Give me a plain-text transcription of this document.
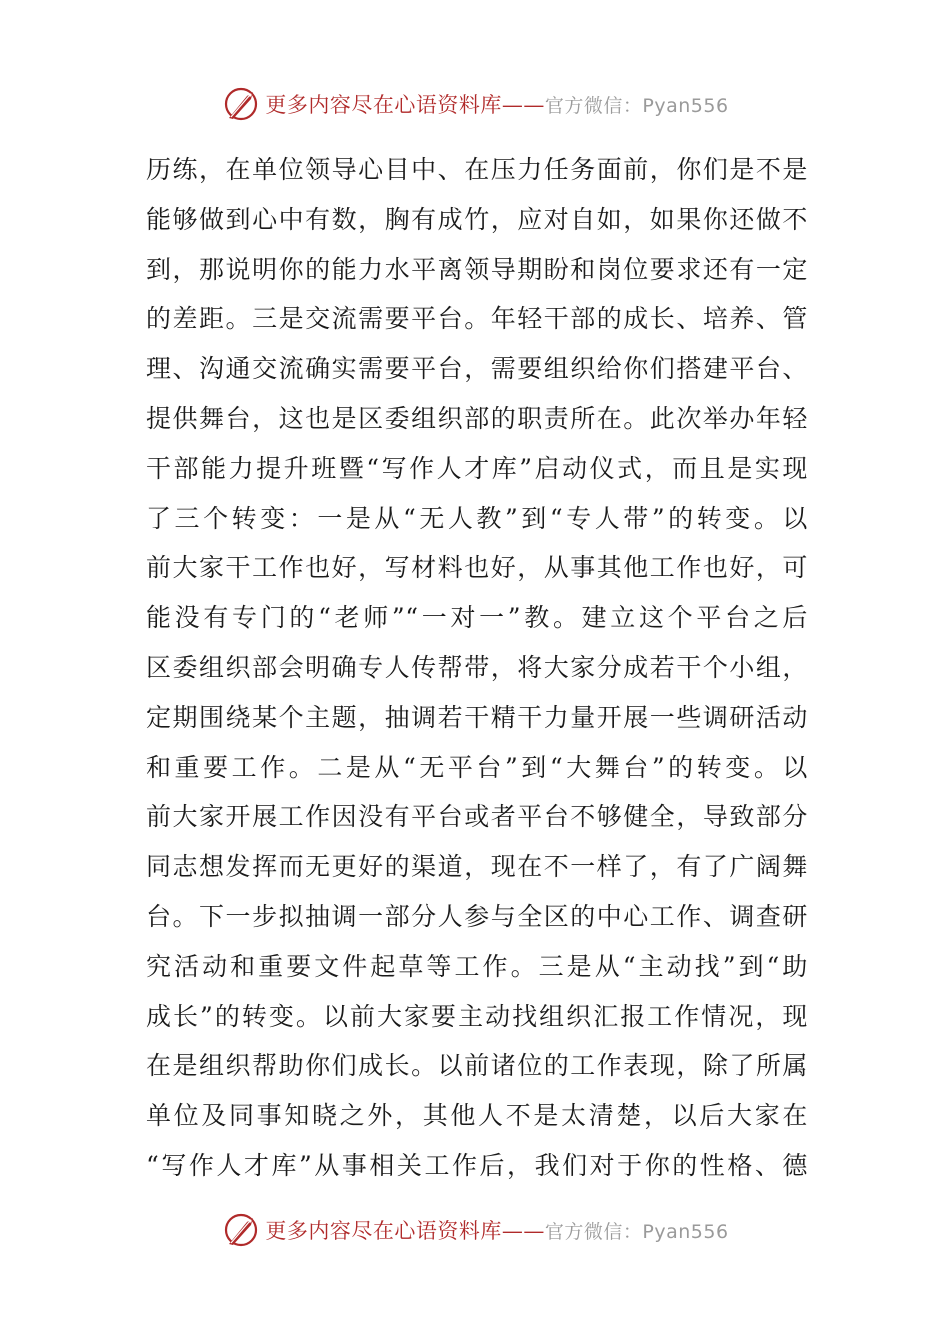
更多内容尽在心语资料库——官方微信：Pyan556
历练，在单位领导心目中、在压力任务面前，你们是不是
能够做到心中有数，胸有成竹，应对自如，如果你还做不
到，那说明你的能力水平离领导期盼和岗位要求还有一定
的差距。三是交流需要平台。年轻干部的成长、培养、管
理、沟通交流确实需要平台，需要组织给你们搭建平台、
提供舞台，这也是区委组织部的职责所在。此次举办年轻
干部能力提升班暨“写作人才库”启动仪式，而且是实现
了三个转变：一是从“无人教”到“专人带”的转变。以
前大家干工作也好，写材料也好，从事其他工作也好，可
能没有专门的“老师”“一对一”教。建立这个平台之后
区委组织部会明确专人传帮带，将大家分成若干个小组，
定期围绕某个主题，抽调若干精干力量开展一些调研活动
和重要工作。二是从“无平台”到“大舞台”的转变。以
前大家开展工作因没有平台或者平台不够健全，导致部分
同志想发挥而无更好的渠道，现在不一样了，有了广阔舞
台。下一步拟抽调一部分人参与全区的中心工作、调查研
究活动和重要文件起草等工作。三是从“主动找”到“助
成长”的转变。以前大家要主动找组织汇报工作情况，现
在是组织帮助你们成长。以前诸位的工作表现，除了所属
单位及同事知晓之外，其他人不是太清楚，以后大家在
“写作人才库”从事相关工作后，我们对于你的性格、德
更多内容尽在心语资料库——官方微信：Pyan556
